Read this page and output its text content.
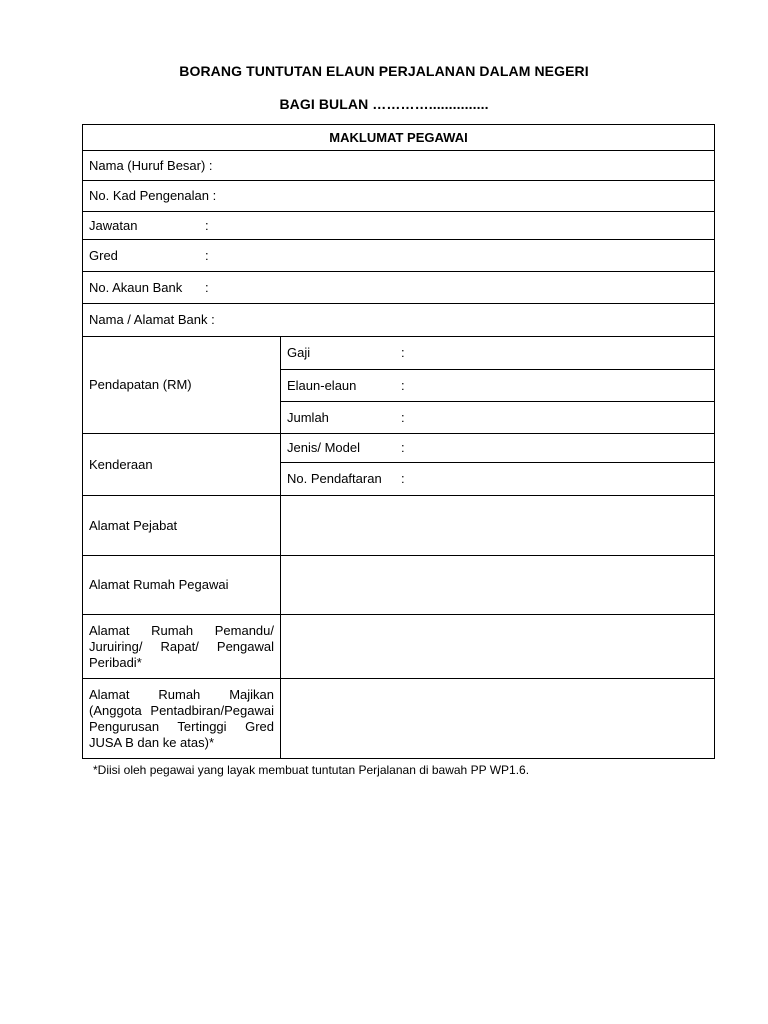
BORANG TUNTUTAN ELAUN PERJALANAN DALAM NEGERI
BAGI BULAN …………...............
MAKLUMAT PEGAWAI	
Nama (Huruf Besar) :	
No. Kad Pengenalan :	
Jawatan :	
Gred :	
No. Akaun Bank :	
Nama / Alamat Bank :	
Pendapatan (RM)	Gaji :
	Elaun-elaun :
	Jumlah :
Kenderaan	Jenis/ Model :
	No. Pendaftaran :
Alamat Pejabat	
Alamat Rumah Pegawai	
Alamat Rumah Pemandu/ Juruiring/ Rapat/ Pengawal Peribadi*	
Alamat Rumah Majikan (Anggota Pentadbiran/Pegawai Pengurusan Tertinggi Gred JUSA B dan ke atas)*	
*Diisi oleh pegawai yang layak membuat tuntutan Perjalanan di bawah PP WP1.6.
